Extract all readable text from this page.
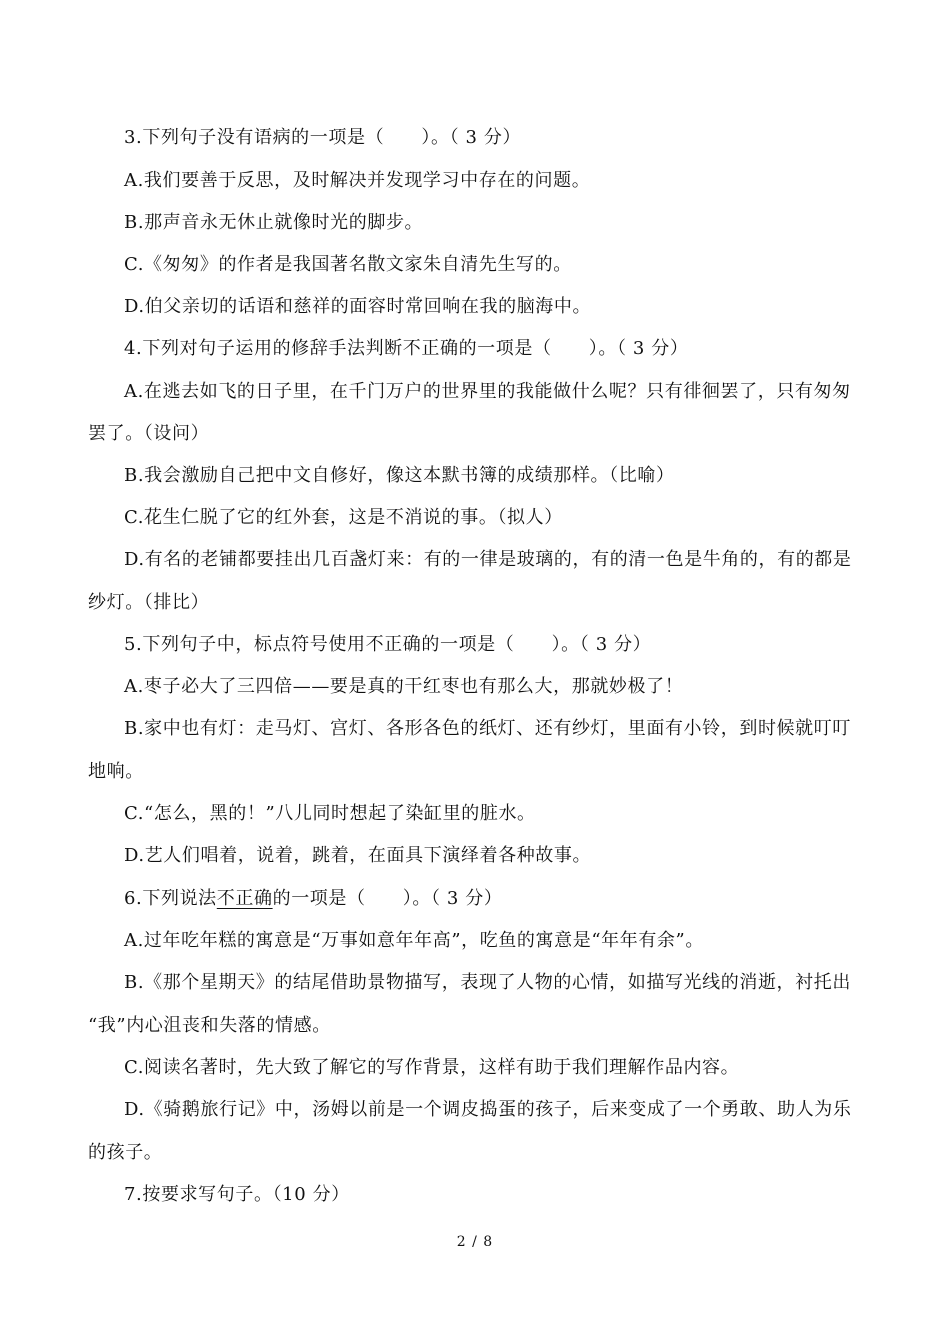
3.下列句子没有语病的一项是（　　）。（ 3 分）
A.我们要善于反思，及时解决并发现学习中存在的问题。
B.那声音永无休止就像时光的脚步。
C.《匆匆》的作者是我国著名散文家朱自清先生写的。
D.伯父亲切的话语和慈祥的面容时常回响在我的脑海中。
4.下列对句子运用的修辞手法判断不正确的一项是（　　）。（ 3 分）
A.在逃去如飞的日子里，在千门万户的世界里的我能做什么呢？只有徘徊罢了，只有匆匆
罢了。（设问）
B.我会激励自己把中文自修好，像这本默书簿的成绩那样。（比喻）
C.花生仁脱了它的红外套，这是不消说的事。（拟人）
D.有名的老铺都要挂出几百盏灯来：有的一律是玻璃的，有的清一色是牛角的，有的都是
纱灯。（排比）
5.下列句子中，标点符号使用不正确的一项是（　　）。（ 3 分）
A.枣子必大了三四倍——要是真的干红枣也有那么大，那就妙极了！
B.家中也有灯：走马灯、宫灯、各形各色的纸灯、还有纱灯，里面有小铃，到时候就叮叮
地响。
C.“怎么，黑的！”八儿同时想起了染缸里的脏水。
D.艺人们唱着，说着，跳着，在面具下演绎着各种故事。
6.下列说法不正确的一项是（　　）。（ 3 分）
A.过年吃年糕的寓意是“万事如意年年高”，吃鱼的寓意是“年年有余”。
B.《那个星期天》的结尾借助景物描写，表现了人物的心情，如描写光线的消逝，衬托出
“我”内心沮丧和失落的情感。
C.阅读名著时，先大致了解它的写作背景，这样有助于我们理解作品内容。
D.《骑鹅旅行记》中，汤姆以前是一个调皮捣蛋的孩子，后来变成了一个勇敢、助人为乐
的孩子。
7.按要求写句子。（10 分）
2 / 8
